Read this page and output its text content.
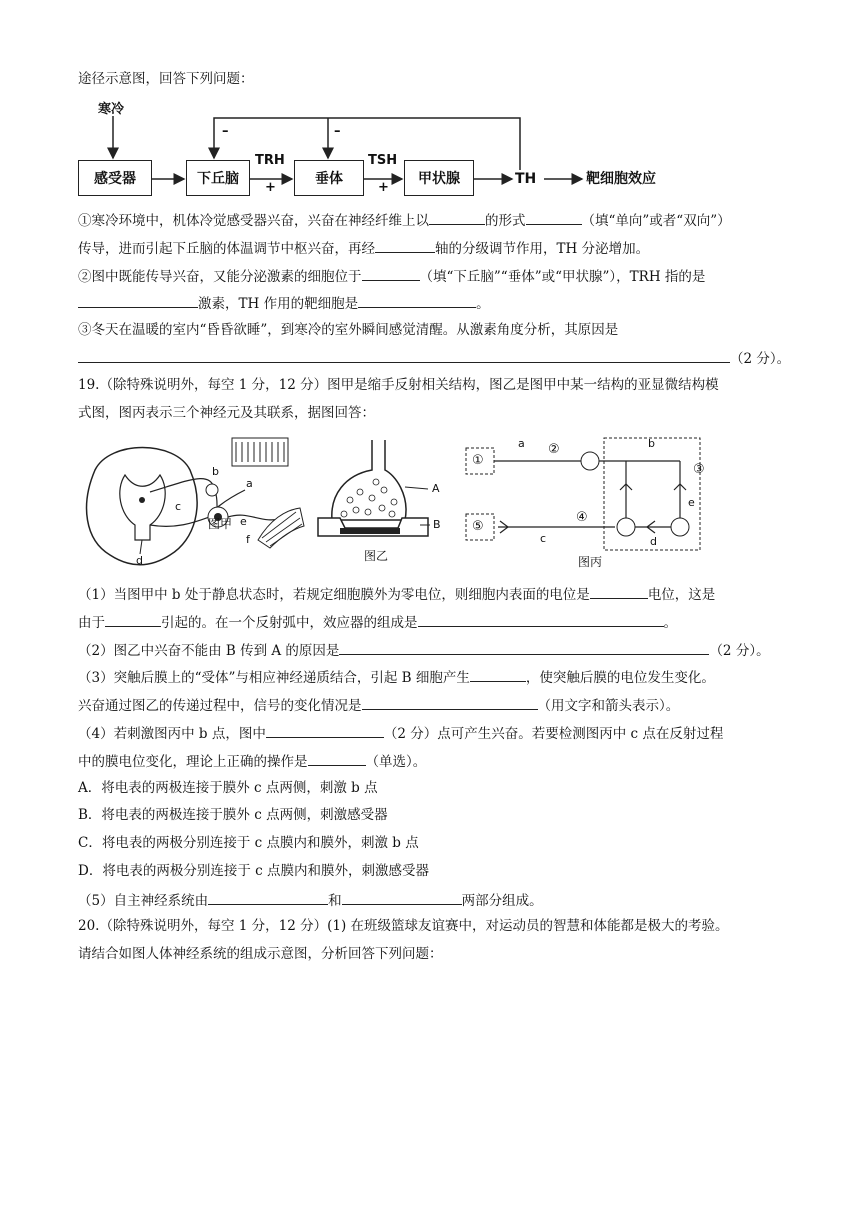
途径示意图，回答下列问题：
寒冷
感受器	下丘脑	垂体	甲状腺
TRH	TSH
+	+
–	–
TH	靶细胞效应
①寒冷环境中，机体冷觉感受器兴奋，兴奋在神经纤维上以	的形式	（填“单向”或者“双向”）
传导，进而引起下丘脑的体温调节中枢兴奋，再经	轴的分级调节作用，TH 分泌增加。
②图中既能传导兴奋，又能分泌激素的细胞位于	（填“下丘脑”“垂体”或“甲状腺”），TRH 指的是
激素，TH 作用的靶细胞是	。
③冬天在温暖的室内“昏昏欲睡”，到寒冷的室外瞬间感觉清醒。从激素角度分析，其原因是
（2 分）。
19.（除特殊说明外，每空 1 分，12 分）图甲是缩手反射相关结构，图乙是图甲中某一结构的亚显微结构模
式图，图丙表示三个神经元及其联系，据图回答：
图甲
图乙	图丙
a
b
c
d
e
f
A
B
①
②
③
④
⑤
a	b
c	d
e
（1）当图甲中 b 处于静息状态时，若规定细胞膜外为零电位，则细胞内表面的电位是	电位，这是
由于	引起的。在一个反射弧中，效应器的组成是	。
（2）图乙中兴奋不能由 B 传到 A 的原因是	（2 分）。
（3）突触后膜上的“受体”与相应神经递质结合，引起 B 细胞产生	，使突触后膜的电位发生变化。
兴奋通过图乙的传递过程中，信号的变化情况是	（用文字和箭头表示）。
（4）若刺激图丙中 b 点，图中	（2 分）点可产生兴奋。若要检测图丙中 c 点在反射过程
中的膜电位变化，理论上正确的操作是	（单选）。
A．将电表的两极连接于膜外 c 点两侧，刺激 b 点
B．将电表的两极连接于膜外 c 点两侧，刺激感受器
C．将电表的两极分别连接于 c 点膜内和膜外，刺激 b 点
D．将电表的两极分别连接于 c 点膜内和膜外，刺激感受器
（5）自主神经系统由	和	两部分组成。
20.（除特殊说明外，每空 1 分，12 分）(1) 在班级篮球友谊赛中，对运动员的智慧和体能都是极大的考验。
请结合如图人体神经系统的组成示意图，分析回答下列问题：
